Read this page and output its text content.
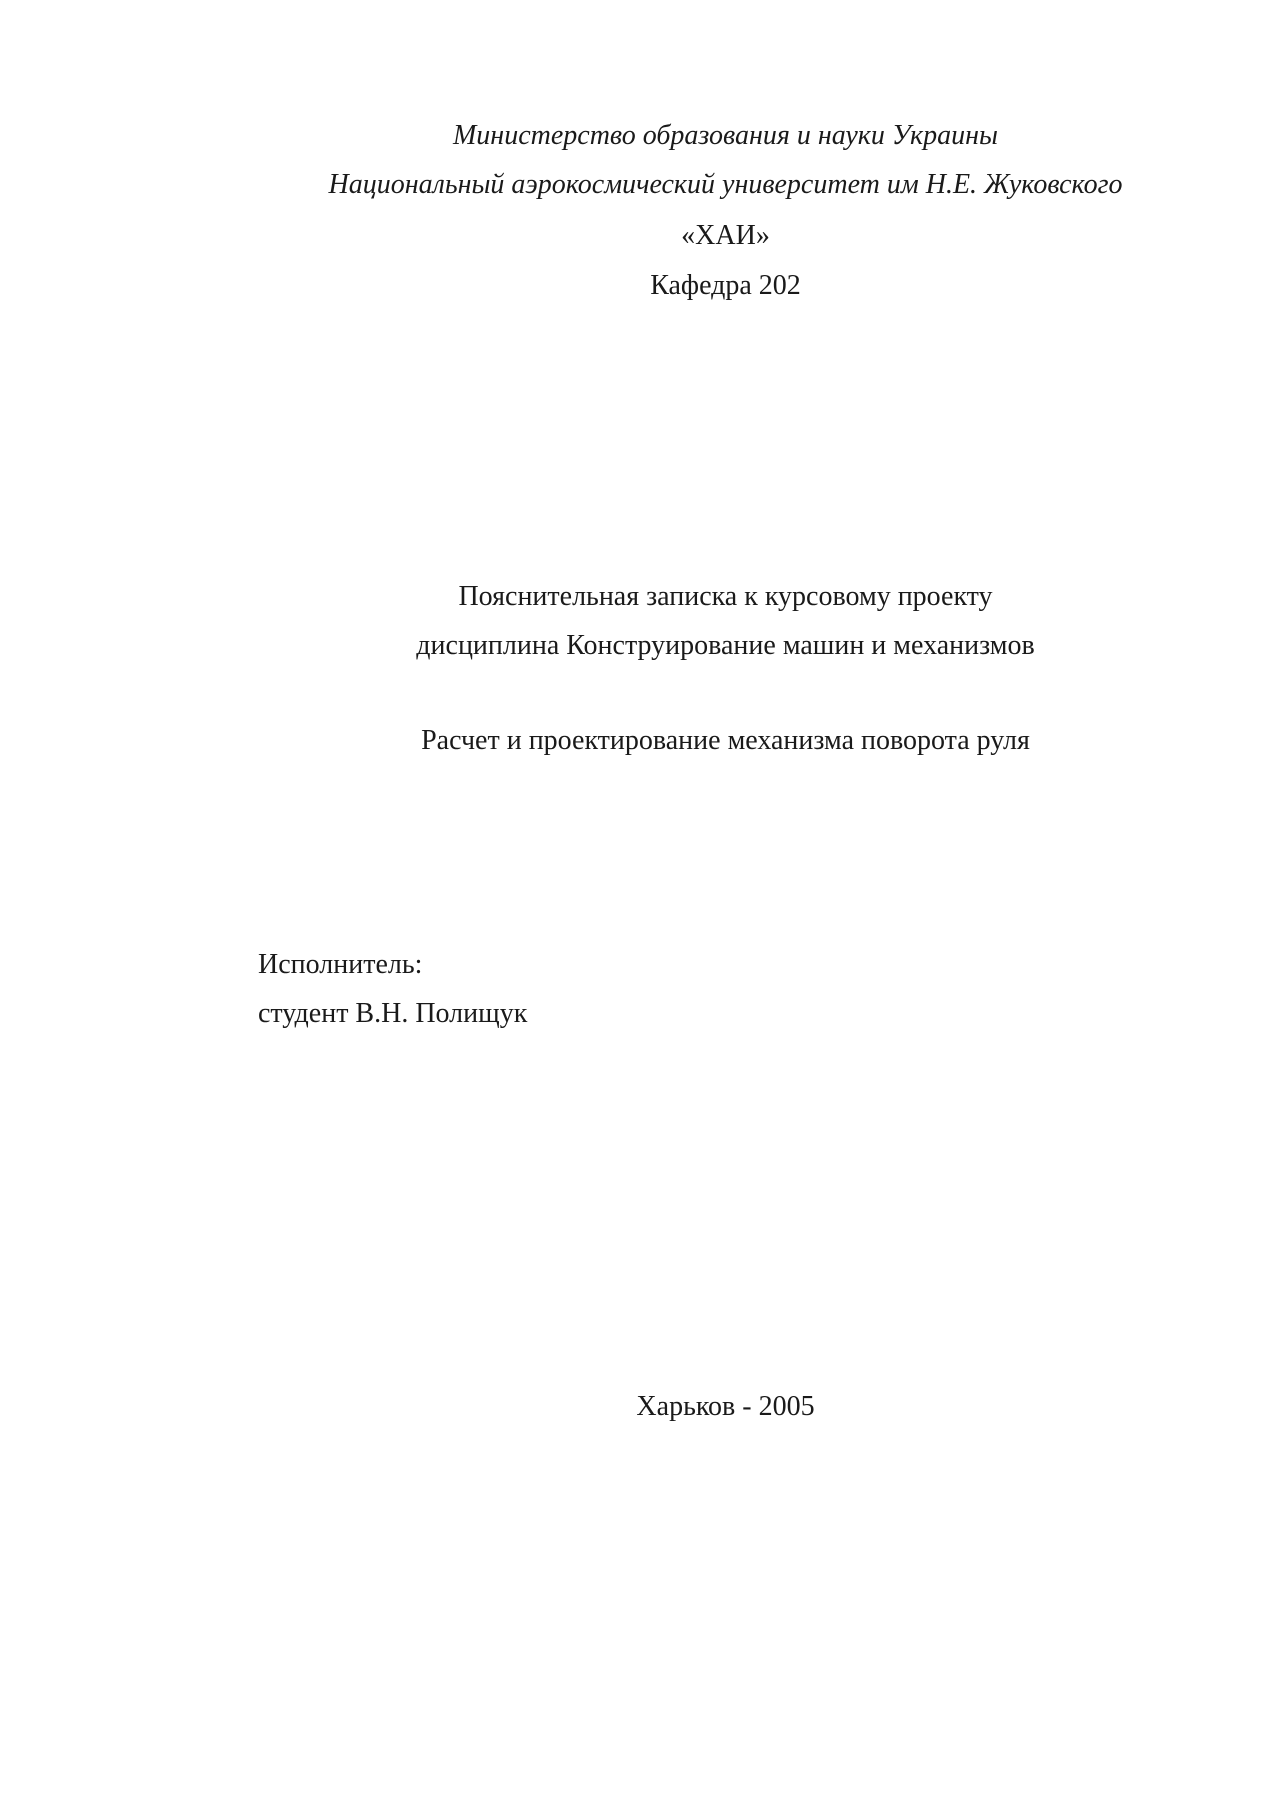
Министерство образования и науки Украины
Национальный аэрокосмический университет им Н.Е. Жуковского
«ХАИ»
Кафедра 202
Пояснительная записка к курсовому проекту
дисциплина Конструирование машин и механизмов
Расчет и проектирование механизма поворота руля
Исполнитель:
студент В.Н. Полищук
Харьков - 2005
